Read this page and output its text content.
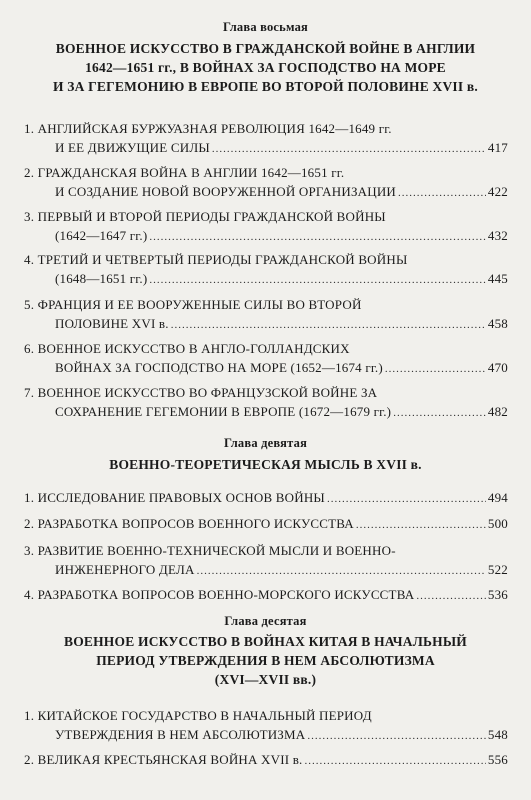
Глава восьмая
ВОЕННОЕ ИСКУССТВО В ГРАЖДАНСКОЙ ВОЙНЕ В АНГЛИИ
1642—1651 гг., В ВОЙНАХ ЗА ГОСПОДСТВО НА МОРЕ
И ЗА ГЕГЕМОНИЮ В ЕВРОПЕ ВО ВТОРОЙ ПОЛОВИНЕ XVII в.
1. АНГЛИЙСКАЯ БУРЖУАЗНАЯ РЕВОЛЮЦИЯ 1642—1649 гг.
И ЕЕ ДВИЖУЩИЕ СИЛЫ .....	417
2. ГРАЖДАНСКАЯ ВОЙНА В АНГЛИИ 1642—1651 гг.
И СОЗДАНИЕ НОВОЙ ВООРУЖЕННОЙ ОРГАНИЗАЦИИ .....	422
3. ПЕРВЫЙ И ВТОРОЙ ПЕРИОДЫ ГРАЖДАНСКОЙ ВОЙНЫ
(1642—1647 гг.) .....	432
4. ТРЕТИЙ И ЧЕТВЕРТЫЙ ПЕРИОДЫ ГРАЖДАНСКОЙ ВОЙНЫ
(1648—1651 гг.) .....	445
5. ФРАНЦИЯ И ЕЕ ВООРУЖЕННЫЕ СИЛЫ ВО ВТОРОЙ
ПОЛОВИНЕ XVI в. .....	458
6. ВОЕННОЕ ИСКУССТВО В АНГЛО-ГОЛЛАНДСКИХ
ВОЙНАХ ЗА ГОСПОДСТВО НА МОРЕ (1652—1674 гг.) .....	470
7. ВОЕННОЕ ИСКУССТВО ВО ФРАНЦУЗСКОЙ ВОЙНЕ ЗА
СОХРАНЕНИЕ ГЕГЕМОНИИ В ЕВРОПЕ (1672—1679 гг.) .....	482
Глава девятая
ВОЕННО-ТЕОРЕТИЧЕСКАЯ МЫСЛЬ В XVII в.
1. ИССЛЕДОВАНИЕ ПРАВОВЫХ ОСНОВ ВОЙНЫ .....	494
2. РАЗРАБОТКА ВОПРОСОВ ВОЕННОГО ИСКУССТВА .....	500
3. РАЗВИТИЕ ВОЕННО-ТЕХНИЧЕСКОЙ МЫСЛИ И ВОЕННО-
ИНЖЕНЕРНОГО ДЕЛА .....	522
4. РАЗРАБОТКА ВОПРОСОВ ВОЕННО-МОРСКОГО ИСКУССТВА .....	536
Глава десятая
ВОЕННОЕ ИСКУССТВО В ВОЙНАХ КИТАЯ В НАЧАЛЬНЫЙ
ПЕРИОД УТВЕРЖДЕНИЯ В НЕМ АБСОЛЮТИЗМА
(XVI—XVII вв.)
1. КИТАЙСКОЕ ГОСУДАРСТВО В НАЧАЛЬНЫЙ ПЕРИОД
УТВЕРЖДЕНИЯ В НЕМ АБСОЛЮТИЗМА .....	548
2. ВЕЛИКАЯ КРЕСТЬЯНСКАЯ ВОЙНА XVII в. .....	556
